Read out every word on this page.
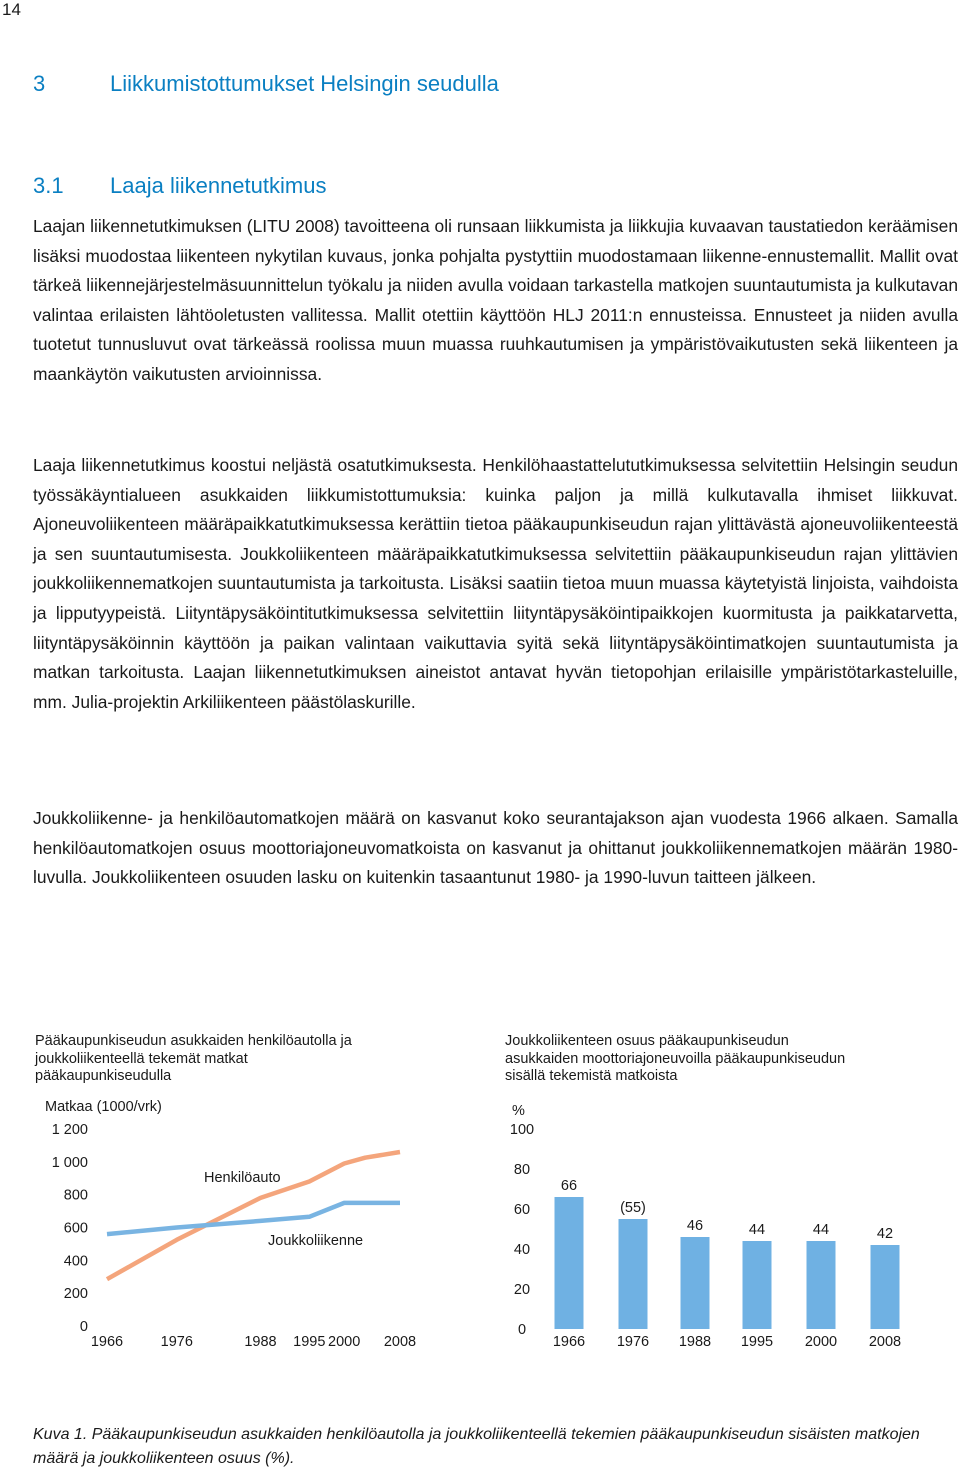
14
3	Liikkumistottumukset Helsingin seudulla
3.1 Laaja liikennetutkimus

Laajan liikennetutkimuksen (LITU 2008) tavoitteena oli runsaan liikkumista ja liikkujia kuvaavan taustatiedon keräämisen lisäksi muodostaa liikenteen nykytilan kuvaus, jonka pohjalta pystyttiin muodostamaan liikenne-ennustemallit. Mallit ovat tärkeä liikennejärjestelmäsuunnittelun työkalu ja niiden avulla voidaan tarkastella matkojen suuntautumista ja kulkutavan valintaa erilaisten lähtöoletusten vallitessa. Mallit otettiin käyttöön HLJ 2011:n ennusteissa. Ennusteet ja niiden avulla tuotetut tunnusluvut ovat tärkeässä roolissa muun muassa ruuhkautumisen ja ympäristövaikutusten sekä liikenteen ja maankäytön vaikutusten arvioinnissa.

Laaja liikennetutkimus koostui neljästä osatutkimuksesta. Henkilöhaastattelututkimuksessa selvitettiin Helsingin seudun työssäkäyntialueen asukkaiden liikkumistottumuksia: kuinka paljon ja millä kulkutavalla ihmiset liikkuvat. Ajoneuvoliikenteen määräpaikkatutkimuksessa kerättiin tietoa pääkaupunkiseudun rajan ylittävästä ajoneuvoliikenteestä ja sen suuntautumisesta. Joukkoliikenteen määräpaikkatutkimuksessa selvitettiin pääkaupunkiseudun rajan ylittävien joukkoliikennematkojen suuntautumista ja tarkoitusta. Lisäksi saatiin tietoa muun muassa käytetyistä linjoista, vaihdoista ja lipputyypeistä. Liityntäpysäköintitutkimuksessa selvitettiin liityntäpysäköintipaikkojen kuormitusta ja paikkatarvetta, liityntäpysäköinnin käyttöön ja paikan valintaan vaikuttavia syitä sekä liityntäpysäköintimatkojen suuntautumista ja matkan tarkoitusta. Laajan liikennetutkimuksen aineistot antavat hyvän tietopohjan erilaisille ympäristötarkasteluille, mm. Julia-projektin Arkiliikenteen päästölaskurille.

Joukkoliikenne- ja henkilöautomatkojen määrä on kasvanut koko seurantajakson ajan vuodesta 1966 alkaen. Samalla henkilöautomatkojen osuus moottoriajoneuvomatkoista on kasvanut ja ohittanut joukkoliikennematkojen määrän 1980-luvulla. Joukkoliikenteen osuuden lasku on kuitenkin tasaantunut 1980- ja 1990-luvun taitteen jälkeen.

Pääkaupunkiseudun asukkaiden henkilöautolla ja joukkoliikenteellä tekemät matkat pääkaupunkiseudulla

Joukkoliikenteen osuus pääkaupunkiseudun asukkaiden moottoriajoneuvoilla pääkaupunkiseudun sisällä tekemistä matkoista

Matkaa (1000/vrk)
0
200
400
600
800
1 000
1 200
1966	1976	1988 1995 2000 2008
Henkilöauto
Joukkoliikenne
%
0
20
40
60
80
100
66
1966
(55)
1976
46
1988
44
1995
44
2000
42
2008

Kuva 1. Pääkaupunkiseudun asukkaiden henkilöautolla ja joukkoliikenteellä tekemien pääkaupunkiseudun sisäisten matkojen määrä ja joukkoliikenteen osuus (%).
